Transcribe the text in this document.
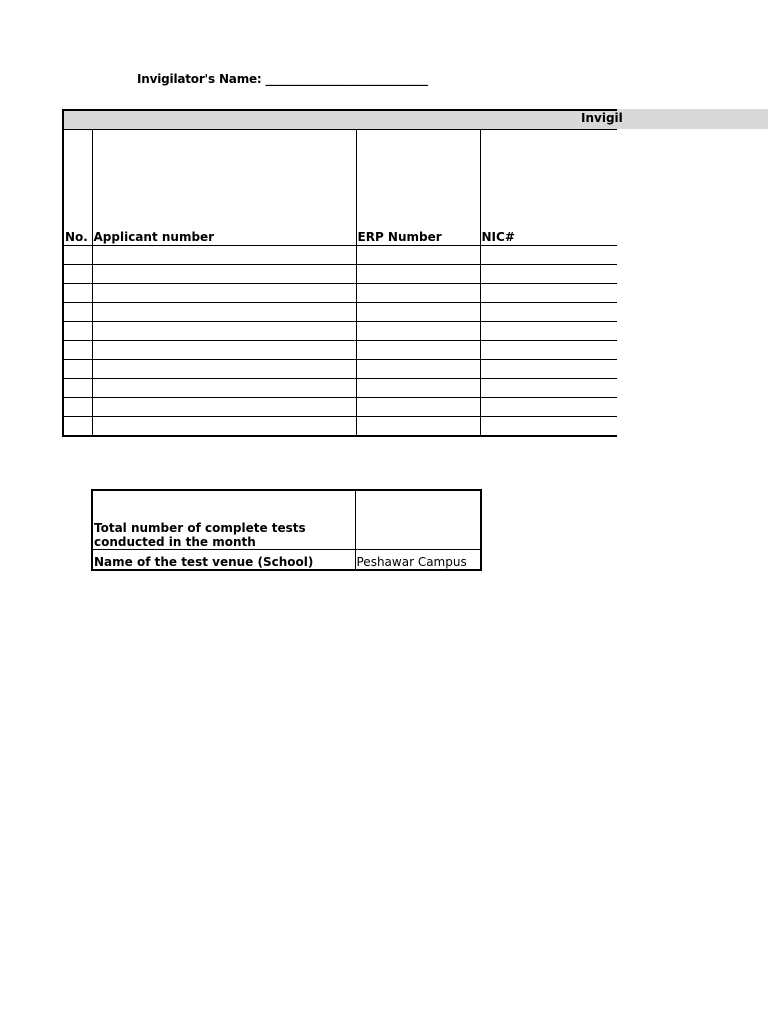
Invigilator's Name: ____________________________
Invigil

No.	Applicant number	ERP Number	NIC#

Total number of complete tests conducted in the month	
Name of the test venue (School)	Peshawar Campus
